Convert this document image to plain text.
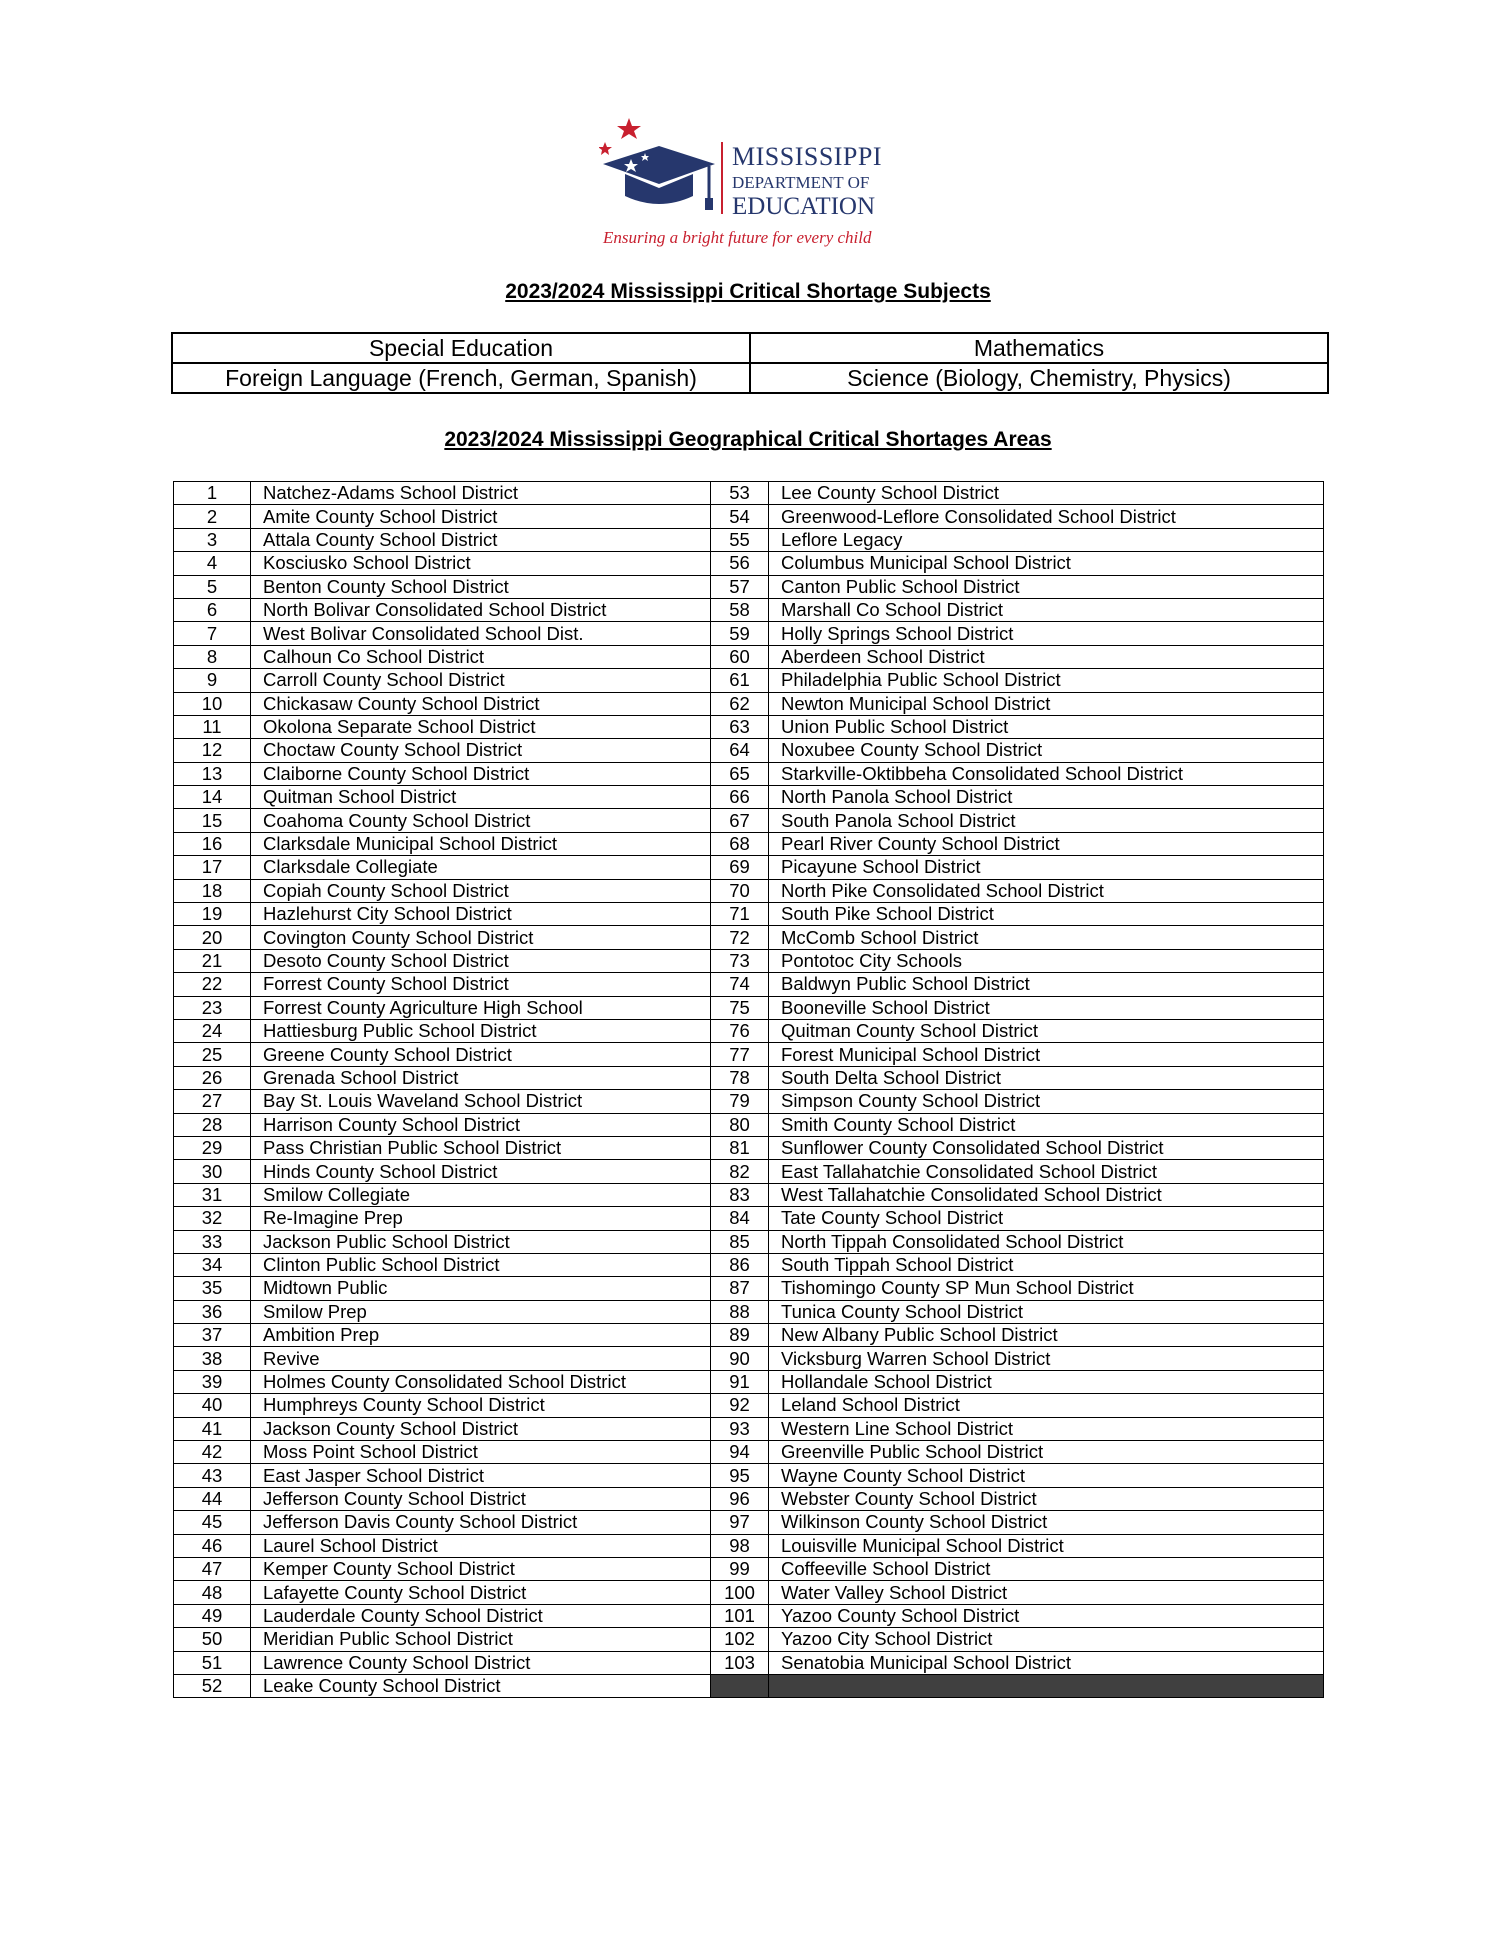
MISSISSIPPI
DEPARTMENT OF
EDUCATION
Ensuring a bright future for every child
2023/2024 Mississippi Critical Shortage Subjects
Special Education	Mathematics
Foreign Language (French, German, Spanish)	Science (Biology, Chemistry, Physics)
2023/2024 Mississippi Geographical Critical Shortages Areas
1	Natchez-Adams School District	53	Lee County School District
2	Amite County School District	54	Greenwood-Leflore Consolidated School District
3	Attala County School District	55	Leflore Legacy
4	Kosciusko School District	56	Columbus Municipal School District
5	Benton County School District	57	Canton Public School District
6	North Bolivar Consolidated School District	58	Marshall Co School District
7	West Bolivar Consolidated School Dist.	59	Holly Springs School District
8	Calhoun Co School District	60	Aberdeen School District
9	Carroll County School District	61	Philadelphia Public School District
10	Chickasaw County School District	62	Newton Municipal School District
11	Okolona Separate School District	63	Union Public School District
12	Choctaw County School District	64	Noxubee County School District
13	Claiborne County School District	65	Starkville-Oktibbeha Consolidated School District
14	Quitman School District	66	North Panola School District
15	Coahoma County School District	67	South Panola School District
16	Clarksdale Municipal School District	68	Pearl River County School District
17	Clarksdale Collegiate	69	Picayune School District
18	Copiah County School District	70	North Pike Consolidated School District
19	Hazlehurst City School District	71	South Pike School District
20	Covington County School District	72	McComb School District
21	Desoto County School District	73	Pontotoc City Schools
22	Forrest County School District	74	Baldwyn Public School District
23	Forrest County Agriculture High School	75	Booneville School District
24	Hattiesburg Public School District	76	Quitman County School District
25	Greene County School District	77	Forest Municipal School District
26	Grenada School District	78	South Delta School District
27	Bay St. Louis Waveland School District	79	Simpson County School District
28	Harrison County School District	80	Smith County School District
29	Pass Christian Public School District	81	Sunflower County Consolidated School District
30	Hinds County School District	82	East Tallahatchie Consolidated School District
31	Smilow Collegiate	83	West Tallahatchie Consolidated School District
32	Re-Imagine Prep	84	Tate County School District
33	Jackson Public School District	85	North Tippah Consolidated School District
34	Clinton Public School District	86	South Tippah School District
35	Midtown Public	87	Tishomingo County SP Mun School District
36	Smilow Prep	88	Tunica County School District
37	Ambition Prep	89	New Albany Public School District
38	Revive	90	Vicksburg Warren School District
39	Holmes County Consolidated School District	91	Hollandale School District
40	Humphreys County School District	92	Leland School District
41	Jackson County School District	93	Western Line School District
42	Moss Point School District	94	Greenville Public School District
43	East Jasper School District	95	Wayne County School District
44	Jefferson County School District	96	Webster County School District
45	Jefferson Davis County School District	97	Wilkinson County School District
46	Laurel School District	98	Louisville Municipal School District
47	Kemper County School District	99	Coffeeville School District
48	Lafayette County School District	100	Water Valley School District
49	Lauderdale County School District	101	Yazoo County School District
50	Meridian Public School District	102	Yazoo City School District
51	Lawrence County School District	103	Senatobia Municipal School District
52	Leake County School District		
